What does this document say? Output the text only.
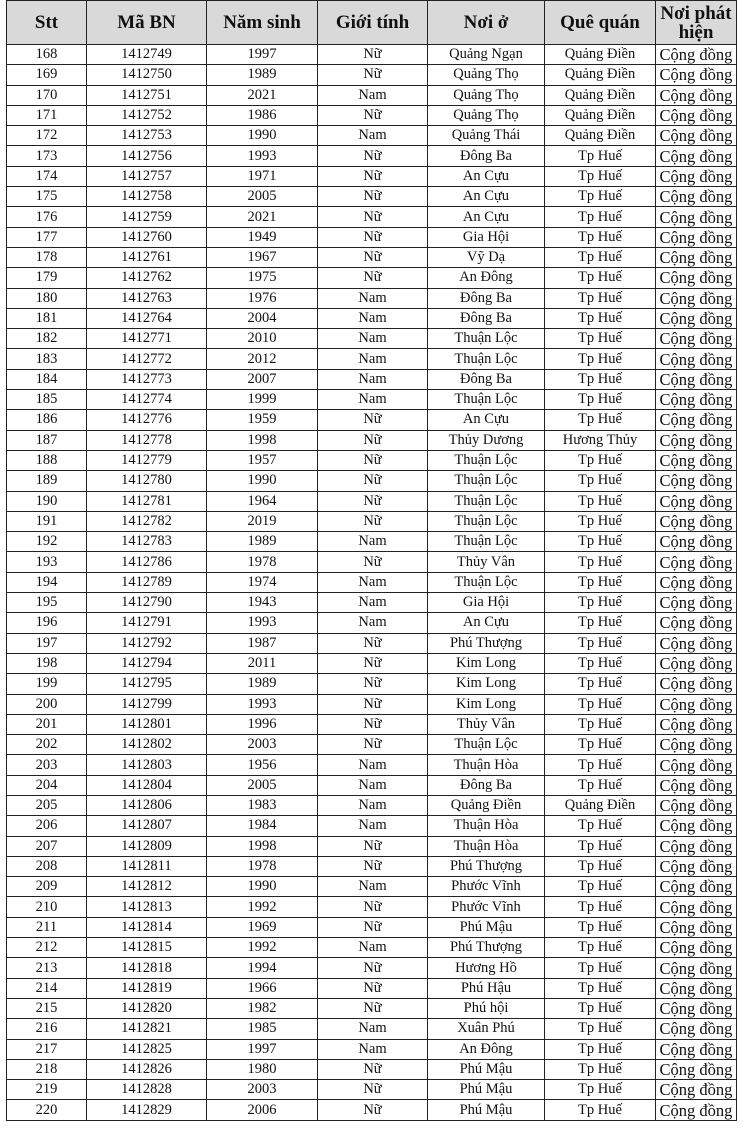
Stt	Mã BN	Năm sinh	Giới tính	Nơi ở	Quê quán	Nơi phát hiện
168	1412749	1997	Nữ	Quảng Ngạn	Quảng Điền	Cộng đồng
169	1412750	1989	Nữ	Quảng Thọ	Quảng Điền	Cộng đồng
170	1412751	2021	Nam	Quảng Thọ	Quảng Điền	Cộng đồng
171	1412752	1986	Nữ	Quảng Thọ	Quảng Điền	Cộng đồng
172	1412753	1990	Nam	Quảng Thái	Quảng Điền	Cộng đồng
173	1412756	1993	Nữ	Đông Ba	Tp Huế	Cộng đồng
174	1412757	1971	Nữ	An Cựu	Tp Huế	Cộng đồng
175	1412758	2005	Nữ	An Cựu	Tp Huế	Cộng đồng
176	1412759	2021	Nữ	An Cựu	Tp Huế	Cộng đồng
177	1412760	1949	Nữ	Gia Hội	Tp Huế	Cộng đồng
178	1412761	1967	Nữ	Vỹ Dạ	Tp Huế	Cộng đồng
179	1412762	1975	Nữ	An Đông	Tp Huế	Cộng đồng
180	1412763	1976	Nam	Đông Ba	Tp Huế	Cộng đồng
181	1412764	2004	Nam	Đông Ba	Tp Huế	Cộng đồng
182	1412771	2010	Nam	Thuận Lộc	Tp Huế	Cộng đồng
183	1412772	2012	Nam	Thuận Lộc	Tp Huế	Cộng đồng
184	1412773	2007	Nam	Đông Ba	Tp Huế	Cộng đồng
185	1412774	1999	Nam	Thuận Lộc	Tp Huế	Cộng đồng
186	1412776	1959	Nữ	An Cựu	Tp Huế	Cộng đồng
187	1412778	1998	Nữ	Thủy Dương	Hương Thủy	Cộng đồng
188	1412779	1957	Nữ	Thuận Lộc	Tp Huế	Cộng đồng
189	1412780	1990	Nữ	Thuận Lộc	Tp Huế	Cộng đồng
190	1412781	1964	Nữ	Thuận Lộc	Tp Huế	Cộng đồng
191	1412782	2019	Nữ	Thuận Lộc	Tp Huế	Cộng đồng
192	1412783	1989	Nam	Thuận Lộc	Tp Huế	Cộng đồng
193	1412786	1978	Nữ	Thủy Vân	Tp Huế	Cộng đồng
194	1412789	1974	Nam	Thuận Lộc	Tp Huế	Cộng đồng
195	1412790	1943	Nam	Gia Hội	Tp Huế	Cộng đồng
196	1412791	1993	Nam	An Cựu	Tp Huế	Cộng đồng
197	1412792	1987	Nữ	Phú Thượng	Tp Huế	Cộng đồng
198	1412794	2011	Nữ	Kim Long	Tp Huế	Cộng đồng
199	1412795	1989	Nữ	Kim Long	Tp Huế	Cộng đồng
200	1412799	1993	Nữ	Kim Long	Tp Huế	Cộng đồng
201	1412801	1996	Nữ	Thủy Vân	Tp Huế	Cộng đồng
202	1412802	2003	Nữ	Thuận Lộc	Tp Huế	Cộng đồng
203	1412803	1956	Nam	Thuận Hòa	Tp Huế	Cộng đồng
204	1412804	2005	Nam	Đông Ba	Tp Huế	Cộng đồng
205	1412806	1983	Nam	Quảng Điền	Quảng Điền	Cộng đồng
206	1412807	1984	Nam	Thuận Hòa	Tp Huế	Cộng đồng
207	1412809	1998	Nữ	Thuận Hòa	Tp Huế	Cộng đồng
208	1412811	1978	Nữ	Phú Thượng	Tp Huế	Cộng đồng
209	1412812	1990	Nam	Phước Vĩnh	Tp Huế	Cộng đồng
210	1412813	1992	Nữ	Phước Vĩnh	Tp Huế	Cộng đồng
211	1412814	1969	Nữ	Phú Mậu	Tp Huế	Cộng đồng
212	1412815	1992	Nam	Phú Thượng	Tp Huế	Cộng đồng
213	1412818	1994	Nữ	Hương Hồ	Tp Huế	Cộng đồng
214	1412819	1966	Nữ	Phú Hậu	Tp Huế	Cộng đồng
215	1412820	1982	Nữ	Phú hội	Tp Huế	Cộng đồng
216	1412821	1985	Nam	Xuân Phú	Tp Huế	Cộng đồng
217	1412825	1997	Nam	An Đông	Tp Huế	Cộng đồng
218	1412826	1980	Nữ	Phú Mậu	Tp Huế	Cộng đồng
219	1412828	2003	Nữ	Phú Mậu	Tp Huế	Cộng đồng
220	1412829	2006	Nữ	Phú Mậu	Tp Huế	Cộng đồng
